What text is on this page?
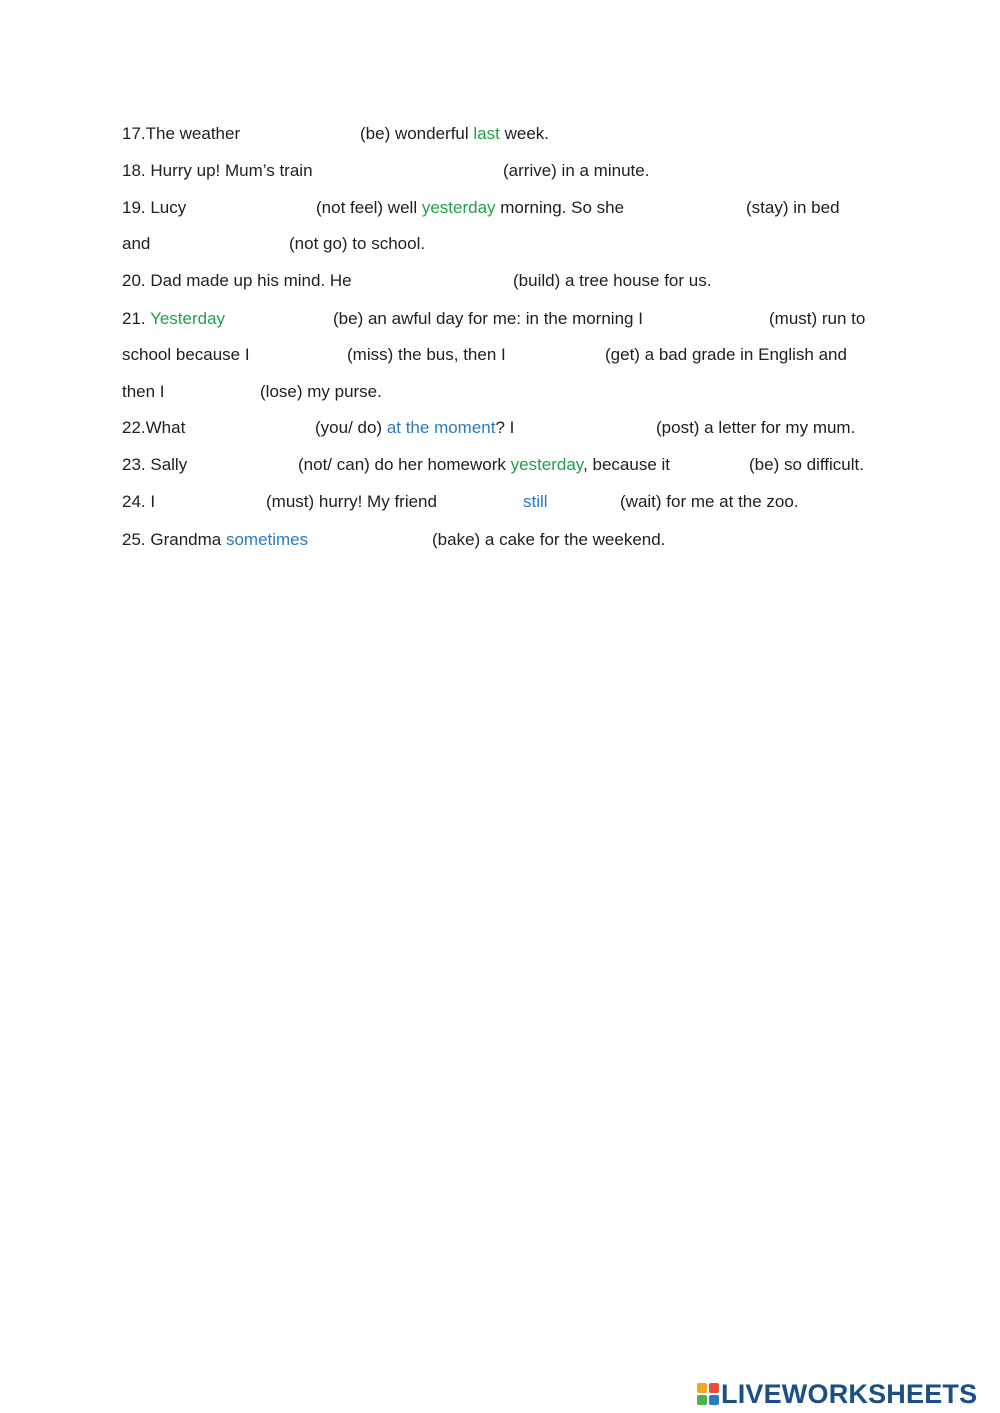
17.The weather	(be) wonderful last week.
18. Hurry up! Mum’s train	(arrive) in a minute.
19. Lucy	(not feel) well yesterday morning. So she	(stay) in bed
and	(not go) to school.
20. Dad made up his mind. He	(build) a tree house for us.
21. Yesterday	(be) an awful day for me: in the morning I	(must) run to
school because I	(miss) the bus, then I	(get) a bad grade in English and
then I	(lose) my purse.
22.What	(you/ do) at the moment? I	(post) a letter for my mum.
23. Sally	(not/ can) do her homework yesterday, because it	(be) so difficult.
24. I	(must) hurry! My friend	still	(wait) for me at the zoo.
25. Grandma sometimes	(bake) a cake for the weekend.
LIVEWORKSHEETS
